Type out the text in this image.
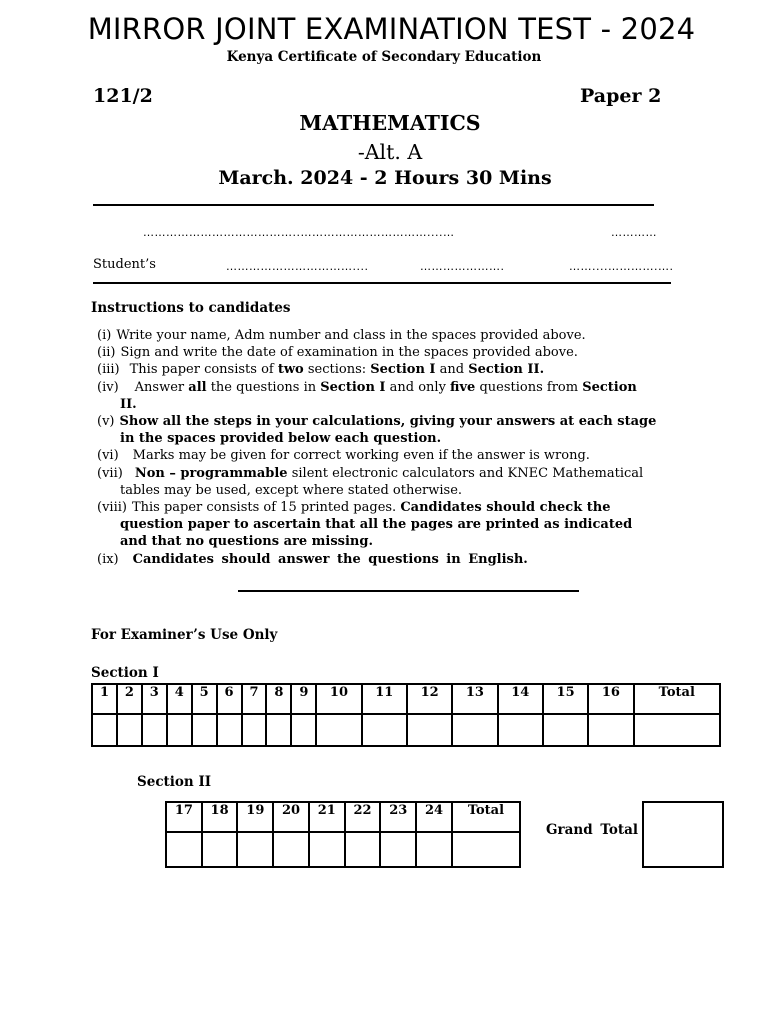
MIRROR JOINT EXAMINATION TEST - 2024
Kenya Certificate of Secondary Education
121/2	Paper 2
MATHEMATICS
-Alt. A
March. 2024 - 2 Hours 30 Mins
…………………………………..……………………………....…	…………
Student’s	……………………………....	………………….	……....………….….
Instructions to candidates
(i) Write your name, Adm number and class in the spaces provided above.
(ii) Sign and write the date of examination in the spaces provided above.
(iii) This paper consists of two sections: Section I and Section II.
(iv)	Answer all the questions in Section I and only five questions from Section
II.
(v) Show all the steps in your calculations, giving your answers at each stage
in the spaces provided below each question.
(vi)	Marks may be given for correct working even if the answer is wrong.
(vii) Non – programmable silent electronic calculators and KNEC Mathematical
tables may be used, except where stated otherwise.
(viii) This paper consists of 15 printed pages. Candidates should check the
question paper to ascertain that all the pages are printed as indicated
and that no questions are missing.
(ix)	Candidates should answer the questions in English.
For Examiner’s Use Only
Section I
1	2	3	4	5	6	7	8	9	10	11	12	13	14	15	16	Total

Section II
17	18	19	20	21	22	23	24	Total

Grand Total
